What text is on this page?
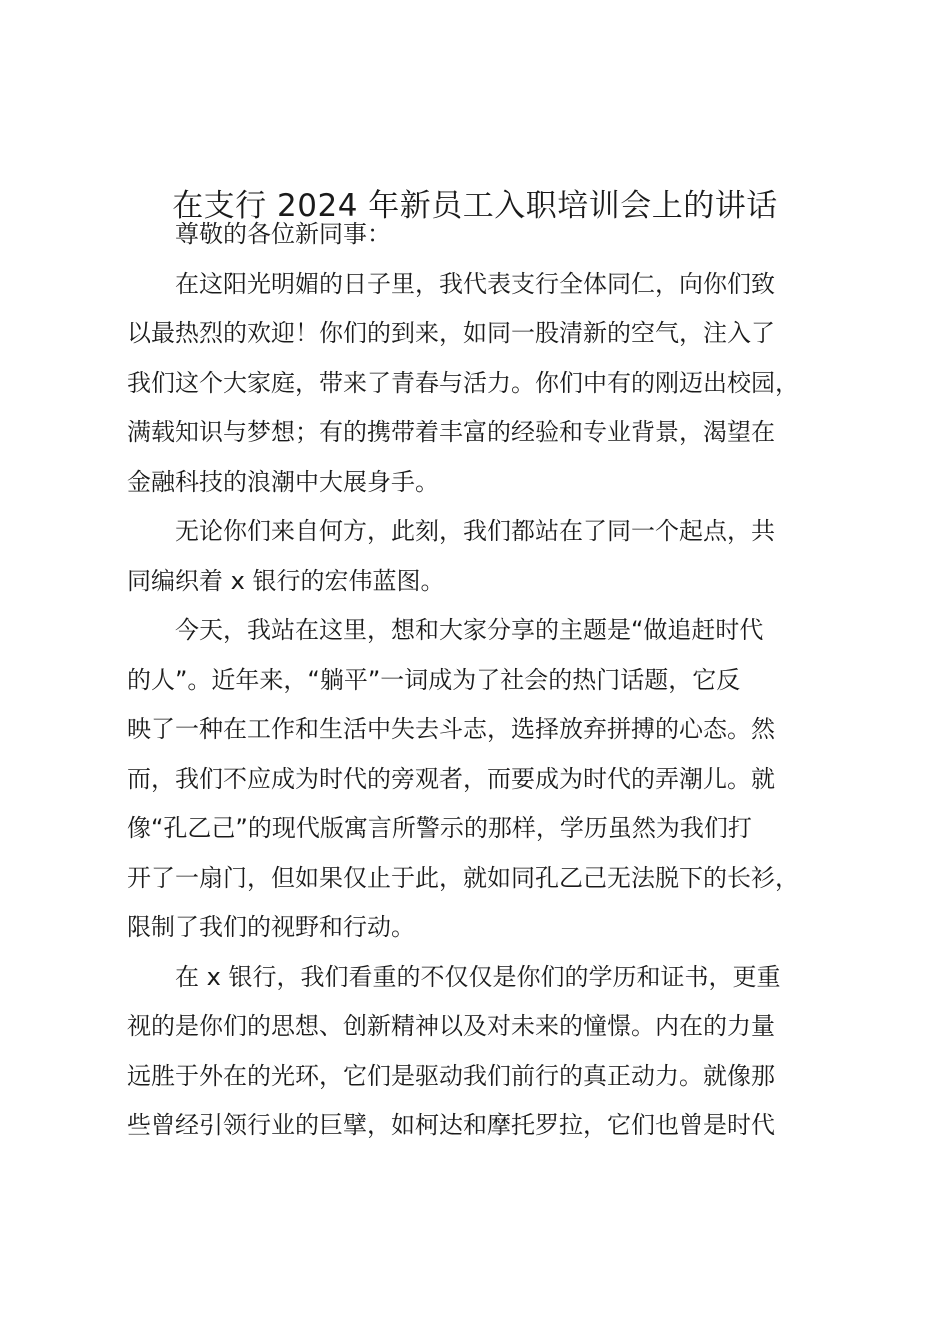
在支行 2024 年新员工入职培训会上的讲话
　　尊敬的各位新同事：
　　在这阳光明媚的日子里，我代表支行全体同仁，向你们致
以最热烈的欢迎！你们的到来，如同一股清新的空气，注入了
我们这个大家庭，带来了青春与活力。你们中有的刚迈出校园，
满载知识与梦想；有的携带着丰富的经验和专业背景，渴望在
金融科技的浪潮中大展身手。
　　无论你们来自何方，此刻，我们都站在了同一个起点，共
同编织着 x 银行的宏伟蓝图。
　　今天，我站在这里，想和大家分享的主题是“做追赶时代
的人”。近年来，“躺平”一词成为了社会的热门话题，它反
映了一种在工作和生活中失去斗志，选择放弃拼搏的心态。然
而，我们不应成为时代的旁观者，而要成为时代的弄潮儿。就
像“孔乙己”的现代版寓言所警示的那样，学历虽然为我们打
开了一扇门，但如果仅止于此，就如同孔乙己无法脱下的长衫，
限制了我们的视野和行动。
　　在 x 银行，我们看重的不仅仅是你们的学历和证书，更重
视的是你们的思想、创新精神以及对未来的憧憬。内在的力量
远胜于外在的光环，它们是驱动我们前行的真正动力。就像那
些曾经引领行业的巨擘，如柯达和摩托罗拉，它们也曾是时代
